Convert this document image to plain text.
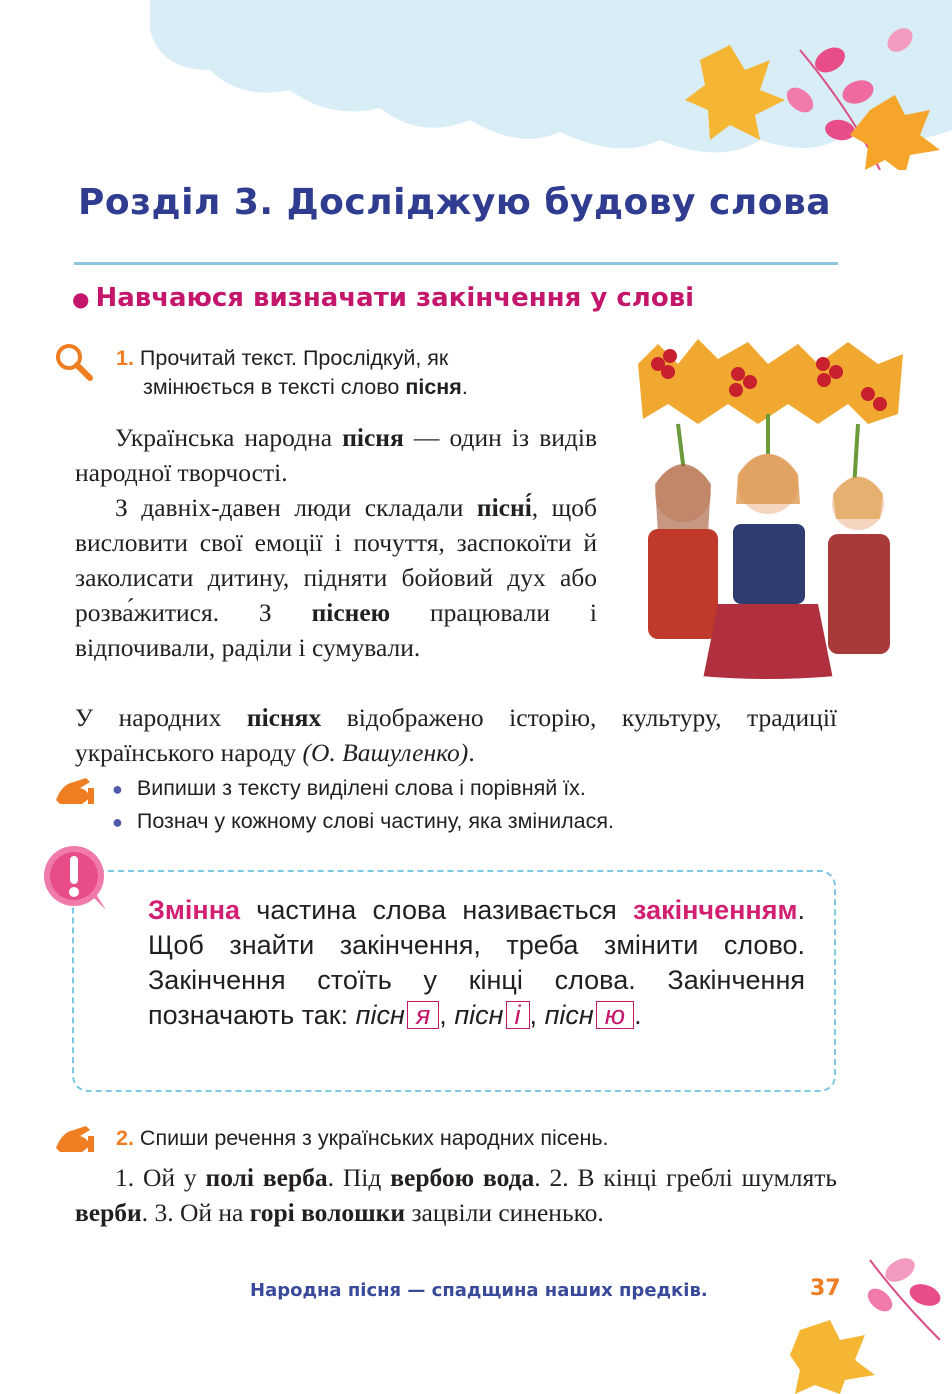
Розділ 3. Досліджую будову слова
● Навчаюся визначати закінчення у слові
1. Прочитай текст. Прослідкуй, як
змінюється в тексті слово пісня.
Українська народна пісня — один із видів народної творчості.
З давніх-давен люди складали пісні́, щоб висловити свої емоції і почуття, заспокоїти й заколисати дитину, підняти бойовий дух або розва́житися. З піснею працювали і відпочивали, раділи і сумували.
У народних піснях відображено історію, культуру, традиції українського народу (О. Вашуленко).
● Випиши з тексту виділені слова і порівняй їх.
● Познач у кожному слові частину, яка змінилася.
Змінна частина слова називається закінченням. Щоб знайти закінчення, треба змінити слово. Закінчення стоїть у кінці слова. Закінчення позначають так: пісн я , пісн і , пісн ю .
2. Спиши речення з українських народних пісень.
1. Ой у полі верба. Під вербою вода. 2. В кінці греблі шумлять верби. 3. Ой на горі волошки зацвіли синенько.
Народна пісня — спадщина наших предків.	37
